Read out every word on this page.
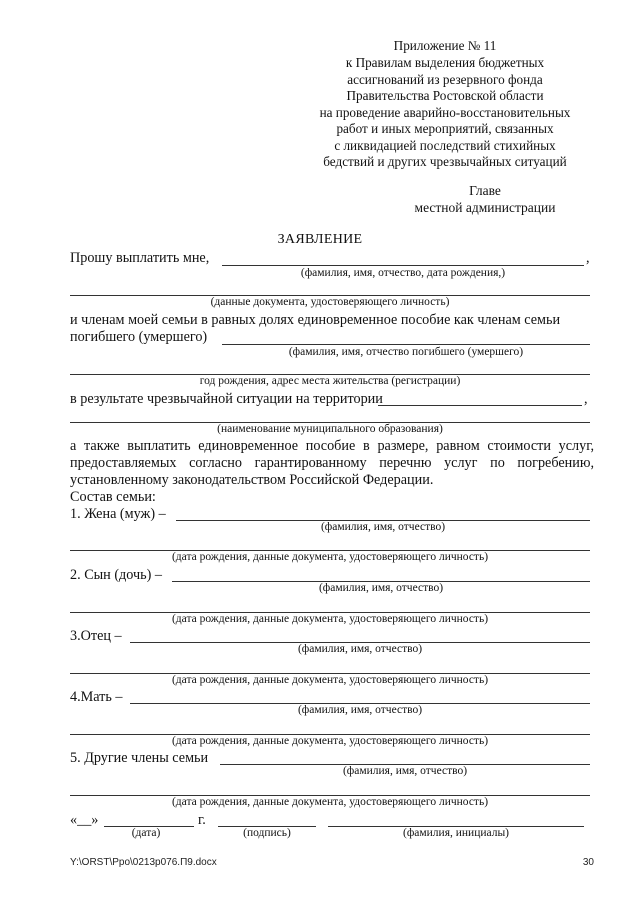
Приложение № 11
к Правилам выделения бюджетных
ассигнований из резервного фонда
Правительства Ростовской области
на проведение аварийно-восстановительных
работ и иных мероприятий, связанных
с ликвидацией последствий стихийных
бедствий и других чрезвычайных ситуаций
Главе
местной администрации
ЗАЯВЛЕНИЕ
Прошу выплатить мне,	,
(фамилия, имя, отчество, дата рождения,)
(данные документа, удостоверяющего личность)
и членам моей семьи в равных долях единовременное пособие как членам семьи
погибшего (умершего)
(фамилия, имя, отчество погибшего (умершего)
год рождения, адрес места жительства (регистрации)
в результате чрезвычайной ситуации на территории	,
(наименование муниципального образования)
а также выплатить единовременное пособие в размере, равном стоимости услуг,
предоставляемых согласно гарантированному перечню услуг по погребению,
установленному законодательством Российской Федерации.
Состав семьи:
1. Жена (муж) –
(фамилия, имя, отчество)
(дата рождения, данные документа, удостоверяющего личность)
2. Сын (дочь) –
(фамилия, имя, отчество)
(дата рождения, данные документа, удостоверяющего личность)
3.Отец –
(фамилия, имя, отчество)
(дата рождения, данные документа, удостоверяющего личность)
4.Мать –
(фамилия, имя, отчество)
(дата рождения, данные документа, удостоверяющего личность)
5. Другие члены семьи
(фамилия, имя, отчество)
(дата рождения, данные документа, удостоверяющего личность)
«__»	г.
(дата)	(подпись)	(фамилия, инициалы)
Y:\ORST\Ppo\0213p076.П9.docx	30
